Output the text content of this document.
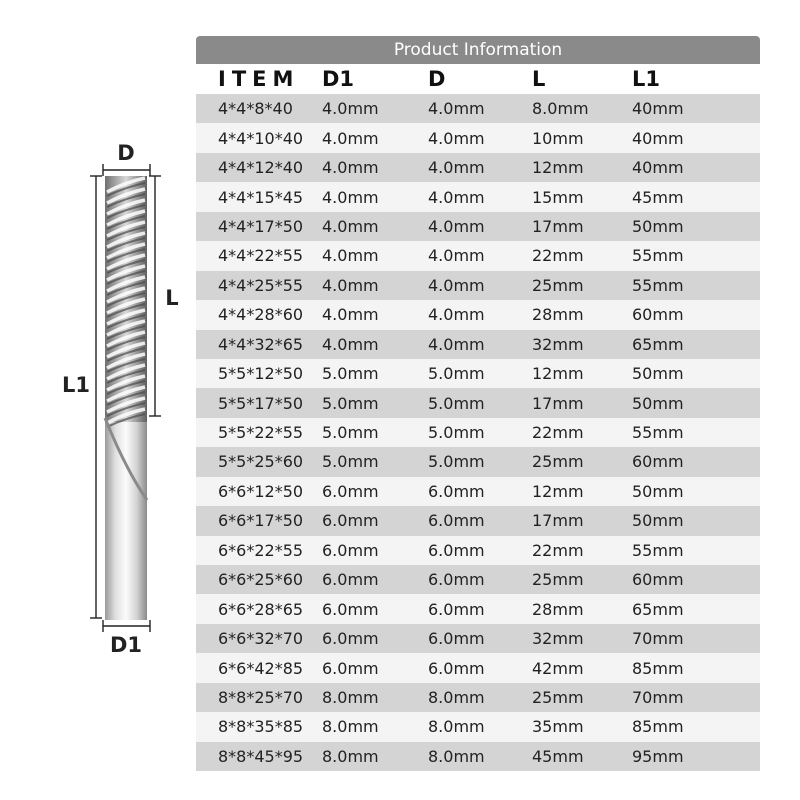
D
L
L1
D1
Product Information
ITEM	D1	D	L	L1
4*4*8*40	4.0mm	4.0mm	8.0mm	40mm
4*4*10*40	4.0mm	4.0mm	10mm	40mm
4*4*12*40	4.0mm	4.0mm	12mm	40mm
4*4*15*45	4.0mm	4.0mm	15mm	45mm
4*4*17*50	4.0mm	4.0mm	17mm	50mm
4*4*22*55	4.0mm	4.0mm	22mm	55mm
4*4*25*55	4.0mm	4.0mm	25mm	55mm
4*4*28*60	4.0mm	4.0mm	28mm	60mm
4*4*32*65	4.0mm	4.0mm	32mm	65mm
5*5*12*50	5.0mm	5.0mm	12mm	50mm
5*5*17*50	5.0mm	5.0mm	17mm	50mm
5*5*22*55	5.0mm	5.0mm	22mm	55mm
5*5*25*60	5.0mm	5.0mm	25mm	60mm
6*6*12*50	6.0mm	6.0mm	12mm	50mm
6*6*17*50	6.0mm	6.0mm	17mm	50mm
6*6*22*55	6.0mm	6.0mm	22mm	55mm
6*6*25*60	6.0mm	6.0mm	25mm	60mm
6*6*28*65	6.0mm	6.0mm	28mm	65mm
6*6*32*70	6.0mm	6.0mm	32mm	70mm
6*6*42*85	6.0mm	6.0mm	42mm	85mm
8*8*25*70	8.0mm	8.0mm	25mm	70mm
8*8*35*85	8.0mm	8.0mm	35mm	85mm
8*8*45*95	8.0mm	8.0mm	45mm	95mm
